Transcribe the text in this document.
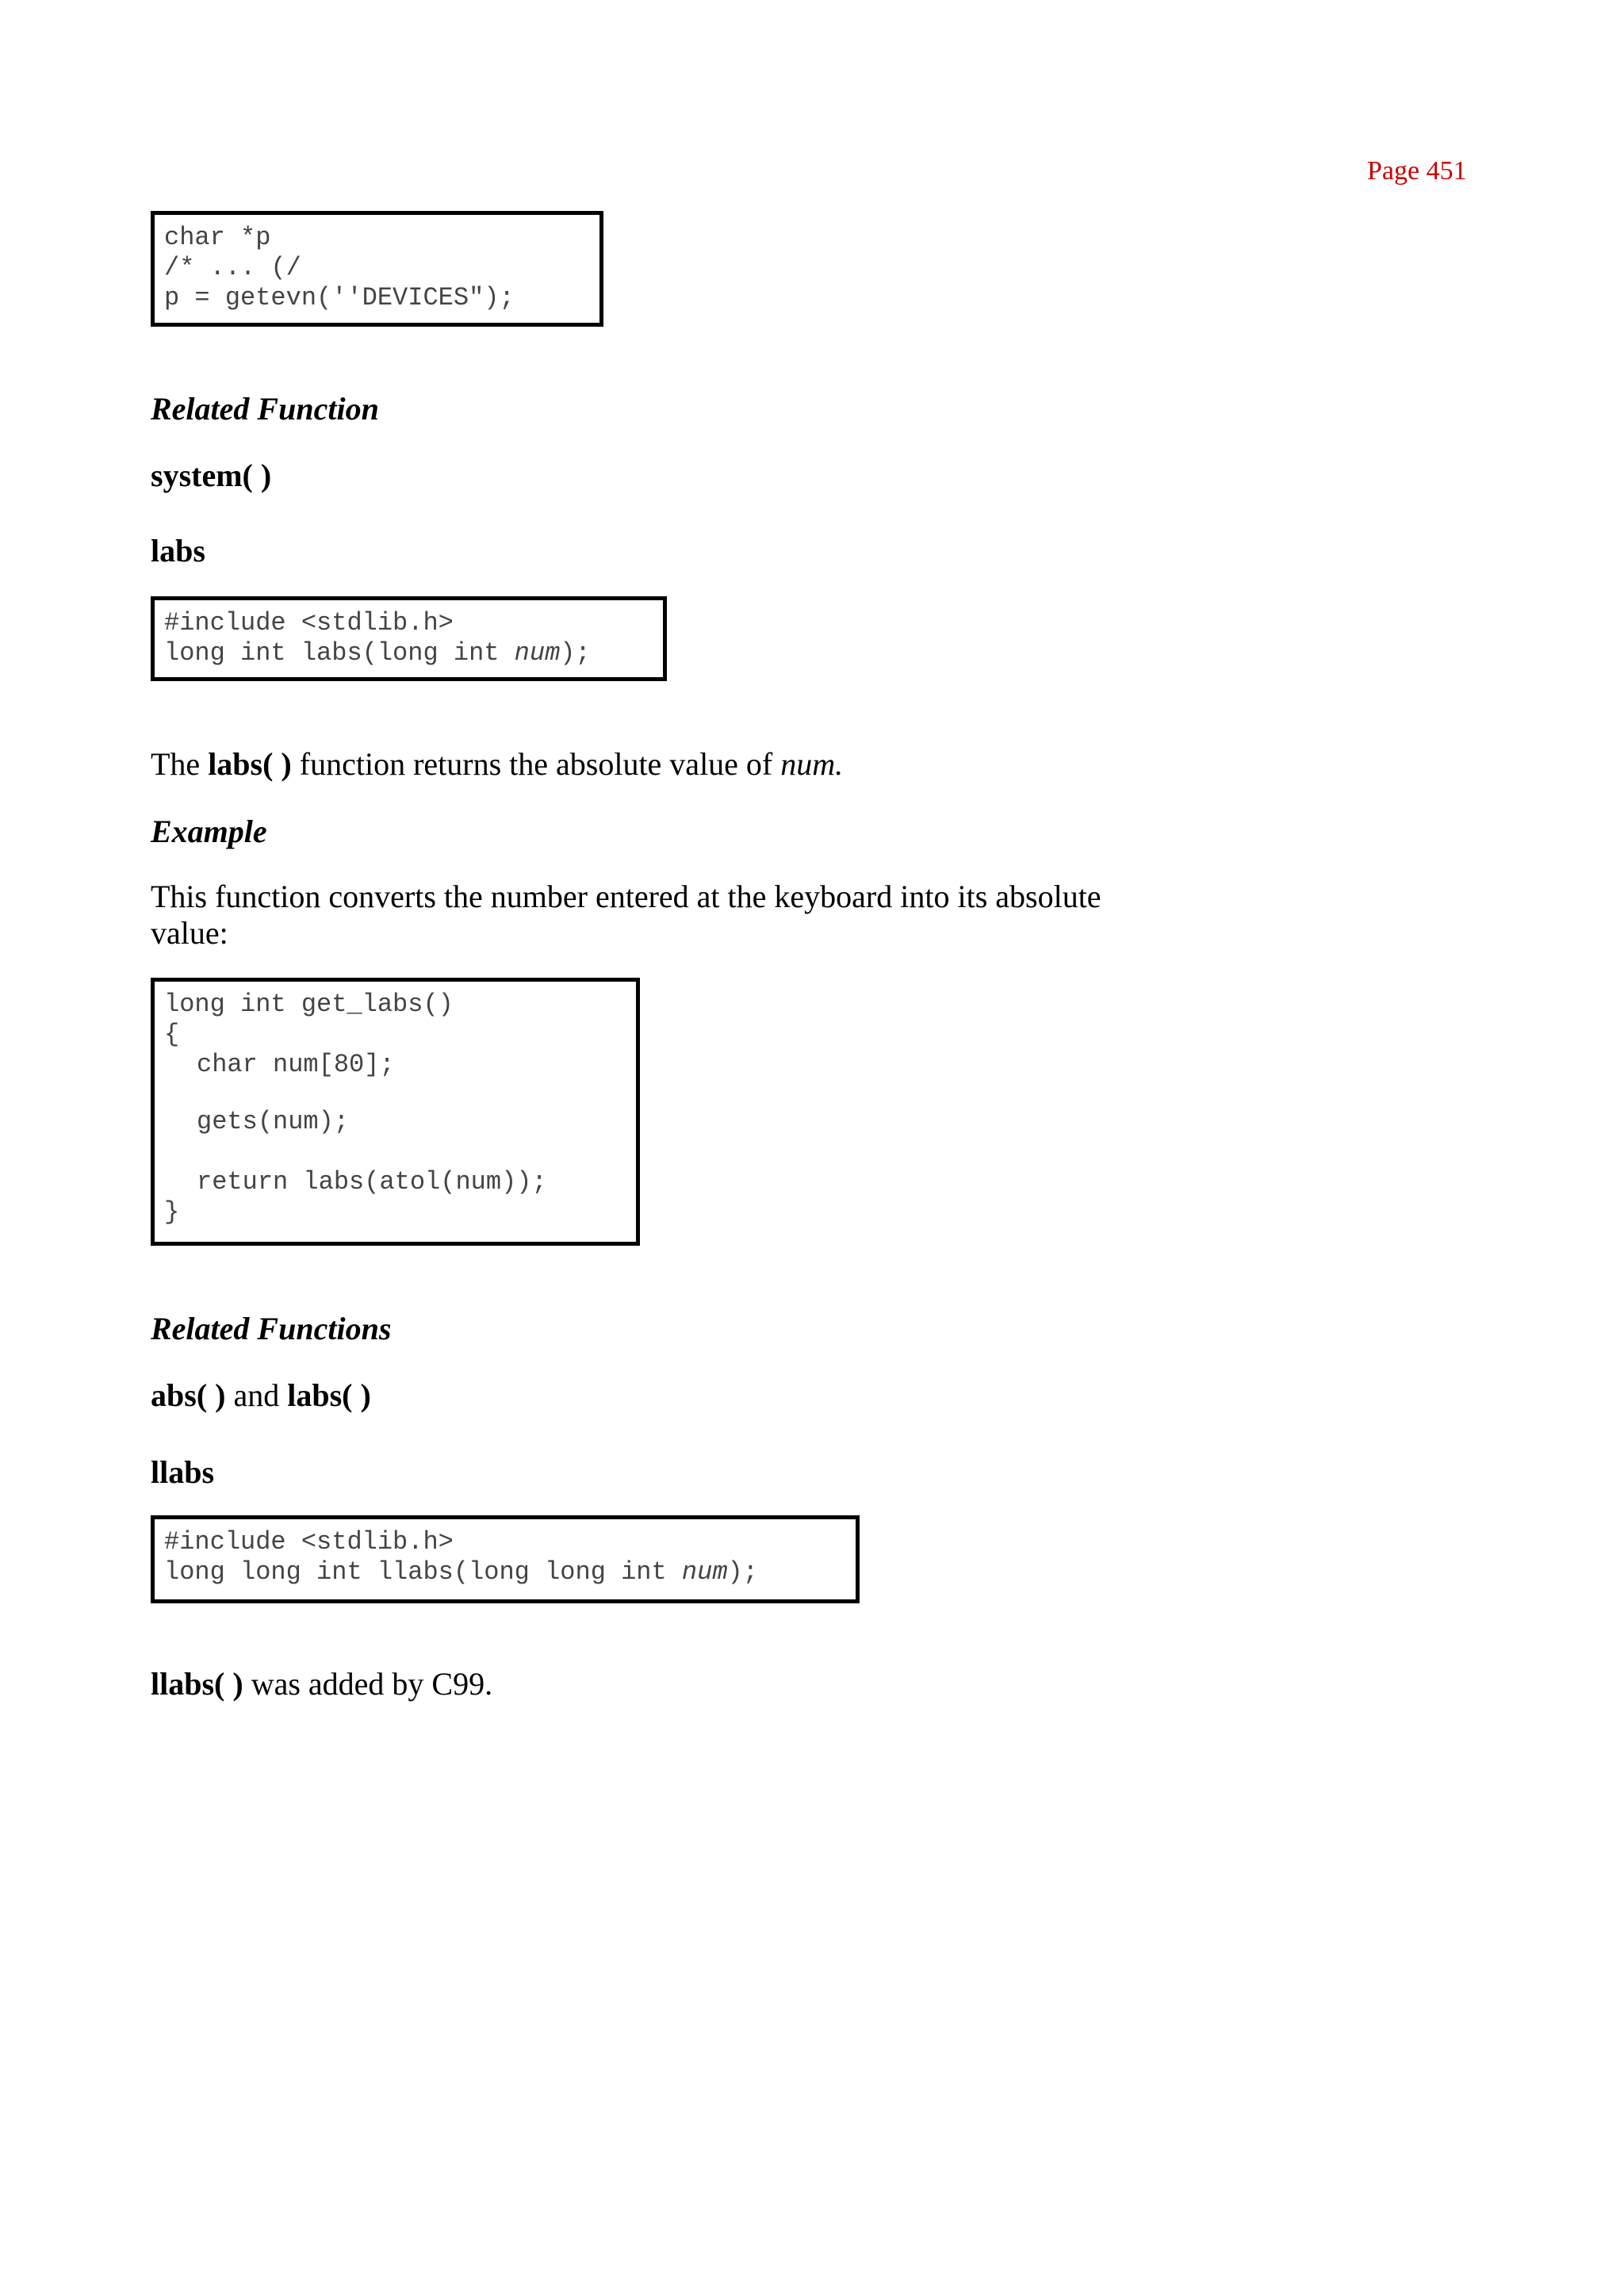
Page 451
char *p
/* ... (/
p = getevn(''DEVICES");
Related Function
system( )
labs
#include <stdlib.h>
long int labs(long int num);
The labs( ) function returns the absolute value of num.
Example
This function converts the number entered at the keyboard into its absolute
value:
long int get_labs()
{
char num[80];
gets(num);
return labs(atol(num));
}
Related Functions
abs( ) and labs( )
llabs
#include <stdlib.h>
long long int llabs(long long int num);
llabs( ) was added by C99.
